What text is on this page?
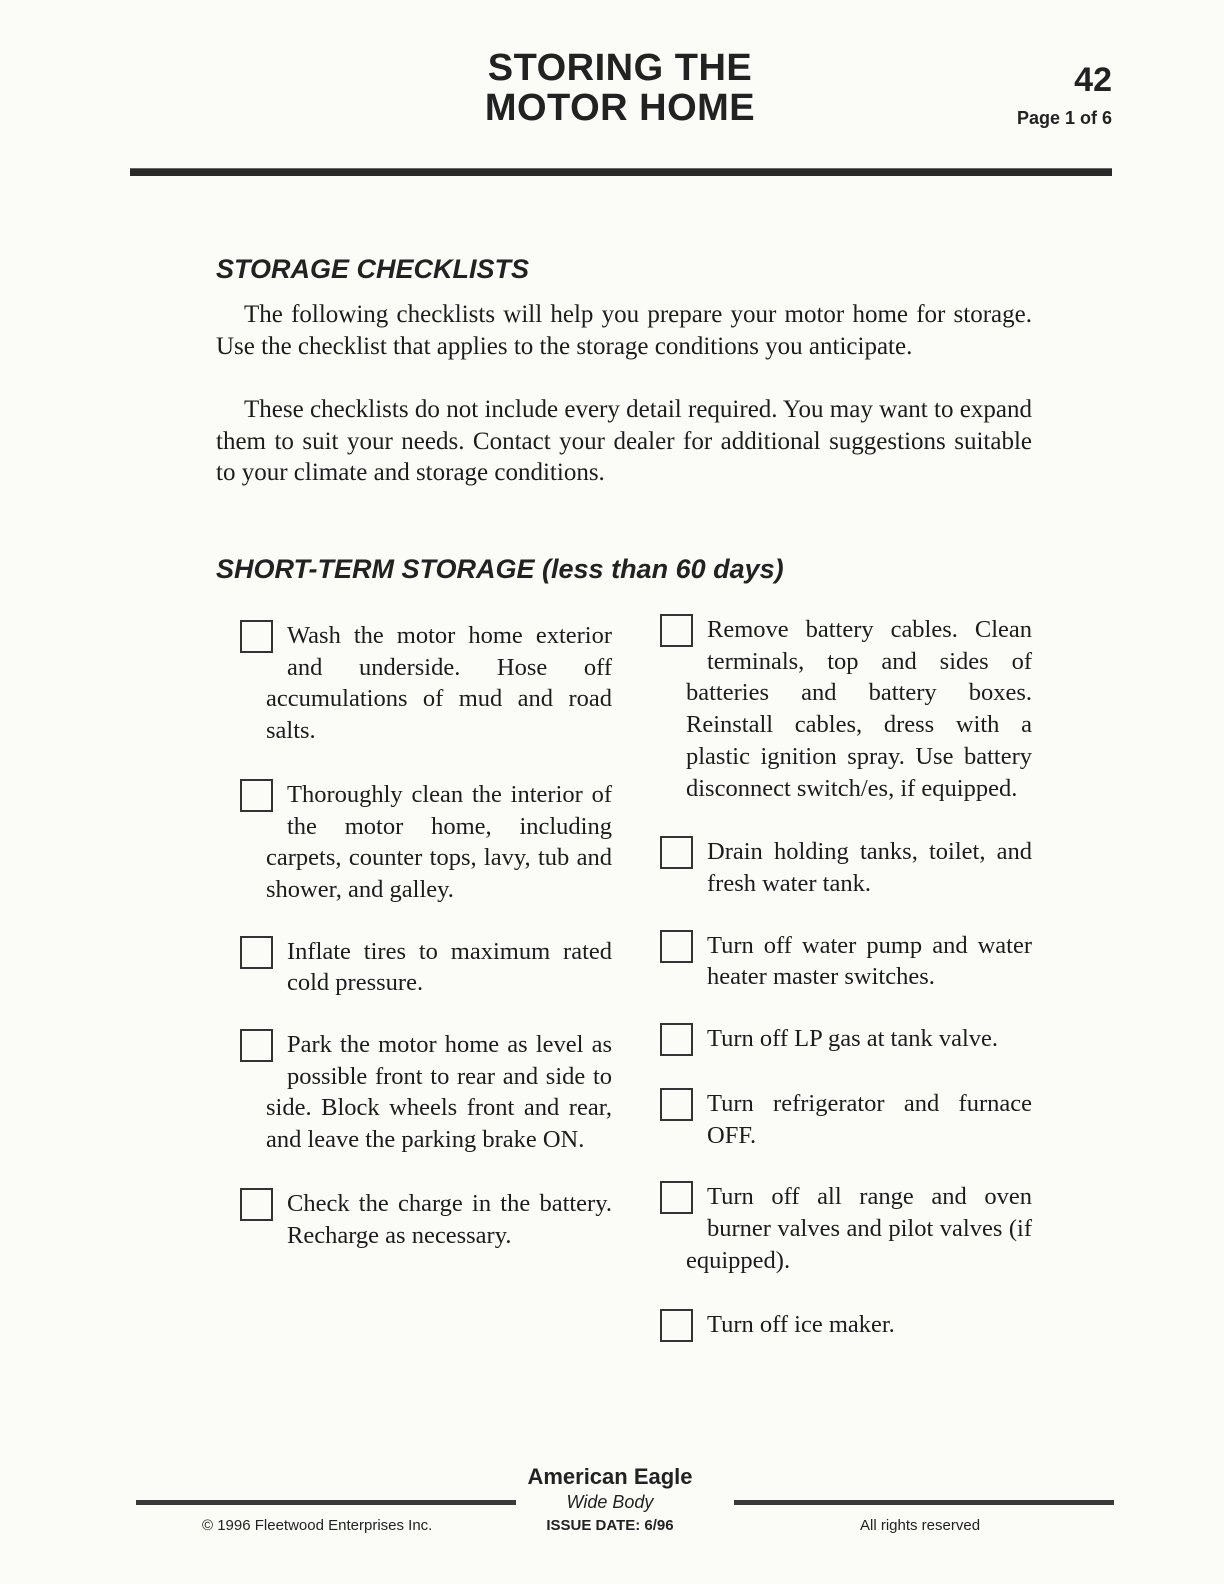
STORING THE
MOTOR HOME
42
Page 1 of 6
STORAGE CHECKLISTS
The following checklists will help you prepare your motor home for storage. Use the checklist that applies to the storage conditions you anticipate.
These checklists do not include every detail required. You may want to expand them to suit your needs. Contact your dealer for additional suggestions suitable to your climate and storage conditions.
SHORT-TERM STORAGE (less than 60 days)
Wash the motor home exterior and underside. Hose off accumulations of mud and road salts.
Thoroughly clean the interior of the motor home, including carpets, counter tops, lavy, tub and shower, and galley.
Inflate tires to maximum rated cold pressure.
Park the motor home as level as possible front to rear and side to side. Block wheels front and rear, and leave the parking brake ON.
Check the charge in the battery. Recharge as necessary.
Remove battery cables. Clean terminals, top and sides of batteries and battery boxes. Reinstall cables, dress with a plastic ignition spray. Use battery disconnect switch/es, if equipped.
Drain holding tanks, toilet, and fresh water tank.
Turn off water pump and water heater master switches.
Turn off LP gas at tank valve.
Turn refrigerator and furnace OFF.
Turn off all range and oven burner valves and pilot valves (if equipped).
Turn off ice maker.
American Eagle
Wide Body
© 1996 Fleetwood Enterprises Inc.	ISSUE DATE: 6/96	All rights reserved
